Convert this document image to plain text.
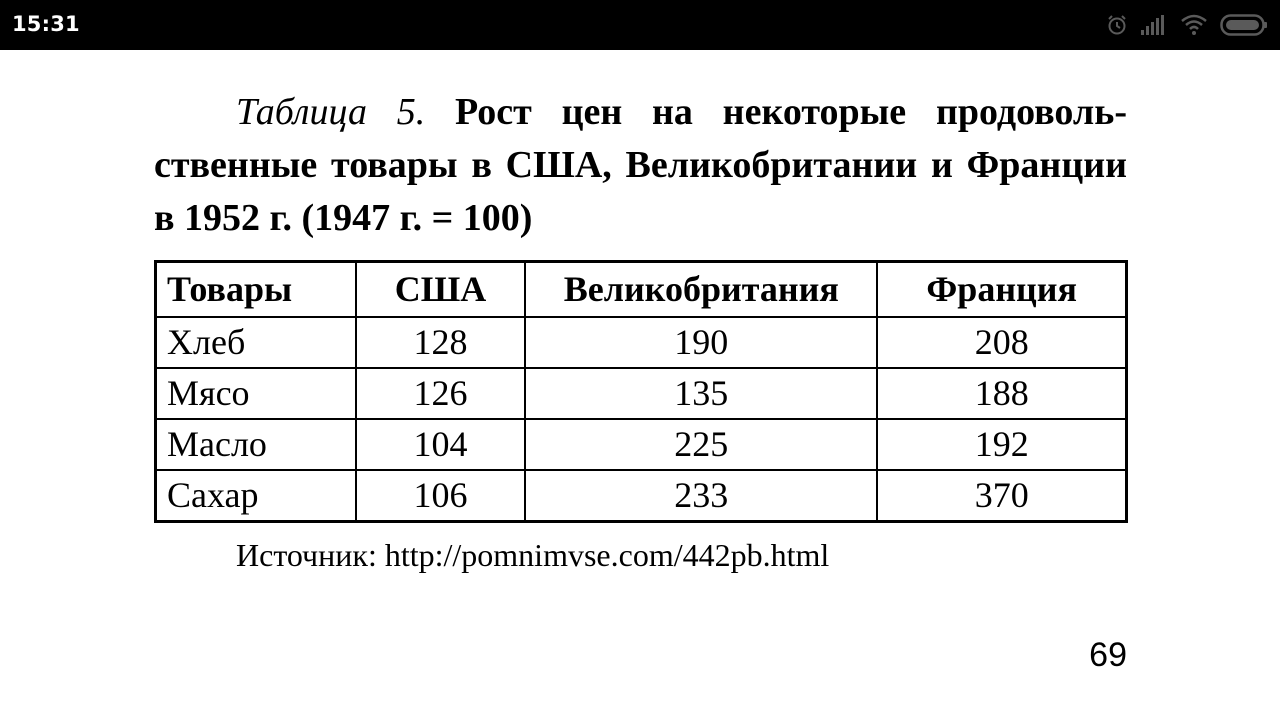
15:31

Таблица 5. Рост цен на некоторые продовольственные товары в США, Великобритании и Франции в 1952 г. (1947 г. = 100)

Товары	США	Великобритания	Франция
Хлеб	128	190	208
Мясо	126	135	188
Масло	104	225	192
Сахар	106	233	370
Источник: http://pomnimvse.com/442pb.html
69
